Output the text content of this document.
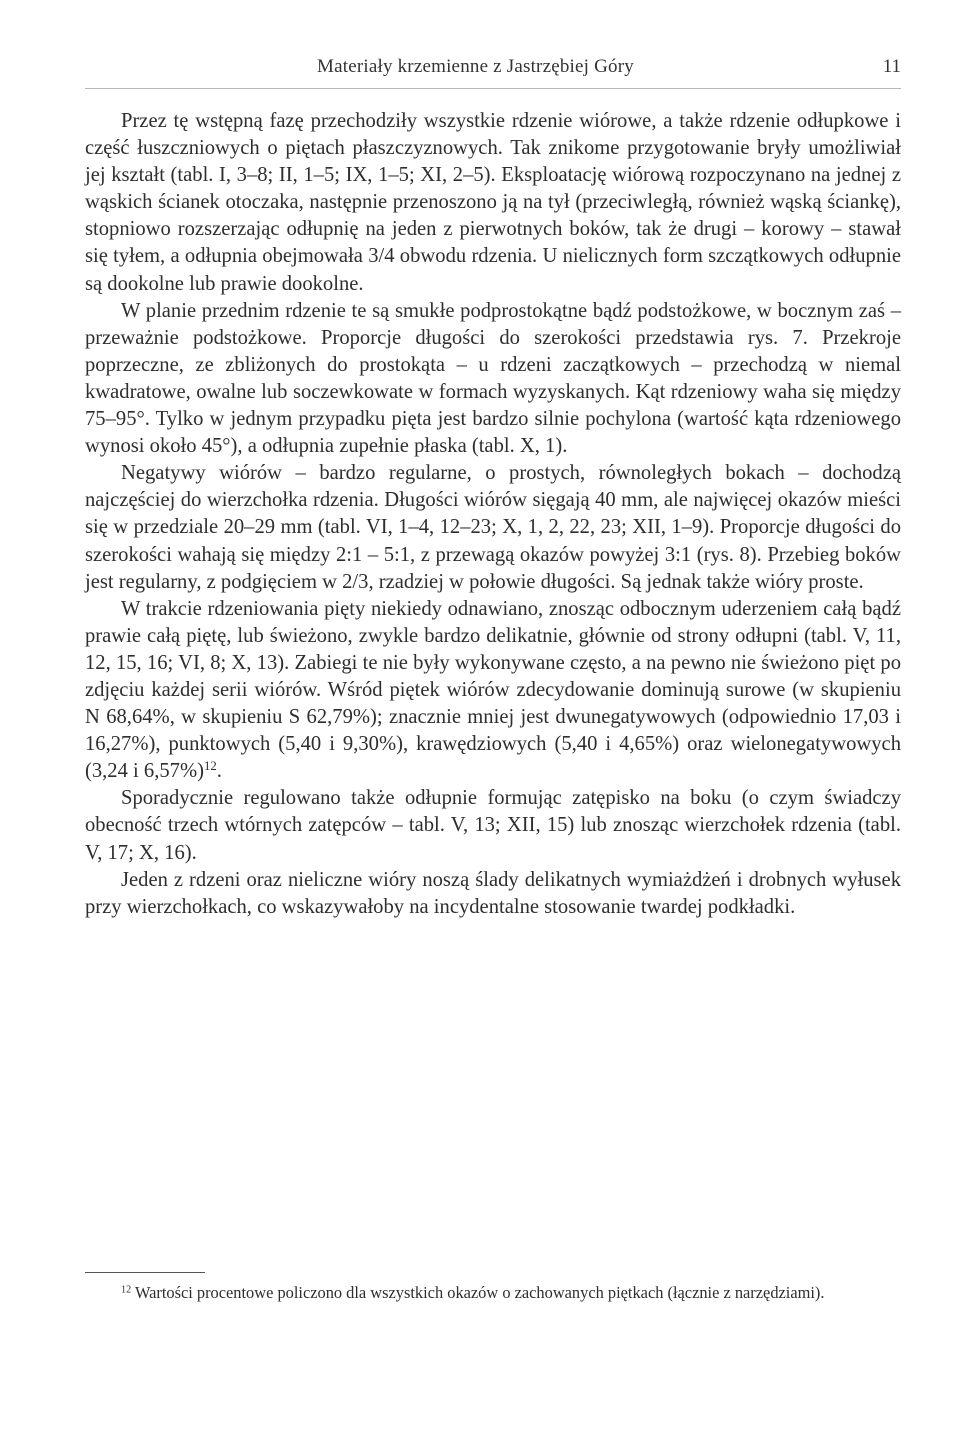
Materiały krzemienne z Jastrzębiej Góry	11

Przez tę wstępną fazę przechodziły wszystkie rdzenie wiórowe, a także rdzenie odłupkowe i część łuszczniowych o piętach płaszczyznowych. Tak znikome przygotowanie bryły umożliwiał jej kształt (tabl. I, 3–8; II, 1–5; IX, 1–5; XI, 2–5). Eksploatację wiórową rozpoczynano na jednej z wąskich ścianek otoczaka, następnie przenoszono ją na tył (przeciwległą, również wąską ściankę), stopniowo rozszerzając odłupnię na jeden z pierwotnych boków, tak że drugi – korowy – stawał się tyłem, a odłupnia obejmowała 3/4 obwodu rdzenia. U nielicznych form szczątkowych odłupnie są dookolne lub prawie dookolne.

W planie przednim rdzenie te są smukłe podprostokątne bądź podstożkowe, w bocznym zaś – przeważnie podstożkowe. Proporcje długości do szerokości przedstawia rys. 7. Przekroje poprzeczne, ze zbliżonych do prostokąta – u rdzeni zaczątkowych – przechodzą w niemal kwadratowe, owalne lub soczewkowate w formach wyzyskanych. Kąt rdzeniowy waha się między 75–95°. Tylko w jednym przypadku pięta jest bardzo silnie pochylona (wartość kąta rdzeniowego wynosi około 45°), a odłupnia zupełnie płaska (tabl. X, 1).

Negatywy wiórów – bardzo regularne, o prostych, równoległych bokach – dochodzą najczęściej do wierzchołka rdzenia. Długości wiórów sięgają 40 mm, ale najwięcej okazów mieści się w przedziale 20–29 mm (tabl. VI, 1–4, 12–23; X, 1, 2, 22, 23; XII, 1–9). Proporcje długości do szerokości wahają się między 2:1 – 5:1, z przewagą okazów powyżej 3:1 (rys. 8). Przebieg boków jest regularny, z podgięciem w 2/3, rzadziej w połowie długości. Są jednak także wióry proste.

W trakcie rdzeniowania pięty niekiedy odnawiano, znosząc odbocznym uderzeniem całą bądź prawie całą piętę, lub świeżono, zwykle bardzo delikatnie, głównie od strony odłupni (tabl. V, 11, 12, 15, 16; VI, 8; X, 13). Zabiegi te nie były wykonywane często, a na pewno nie świeżono pięt po zdjęciu każdej serii wiórów. Wśród piętek wiórów zdecydowanie dominują surowe (w skupieniu N 68,64%, w skupieniu S 62,79%); znacznie mniej jest dwunegatywowych (odpowiednio 17,03 i 16,27%), punktowych (5,40 i 9,30%), krawędziowych (5,40 i 4,65%) oraz wielonegatywowych (3,24 i 6,57%)$^{12}$.

Sporadycznie regulowano także odłupnie formując zatępisko na boku (o czym świadczy obecność trzech wtórnych zatępców – tabl. V, 13; XII, 15) lub znosząc wierzchołek rdzenia (tabl. V, 17; X, 16).

Jeden z rdzeni oraz nieliczne wióry noszą ślady delikatnych wymiażdżeń i drobnych wyłusek przy wierzchołkach, co wskazywałoby na incydentalne stosowanie twardej podkładki.

$^{12}$ Wartości procentowe policzono dla wszystkich okazów o zachowanych piętkach (łącznie z narzędziami).
